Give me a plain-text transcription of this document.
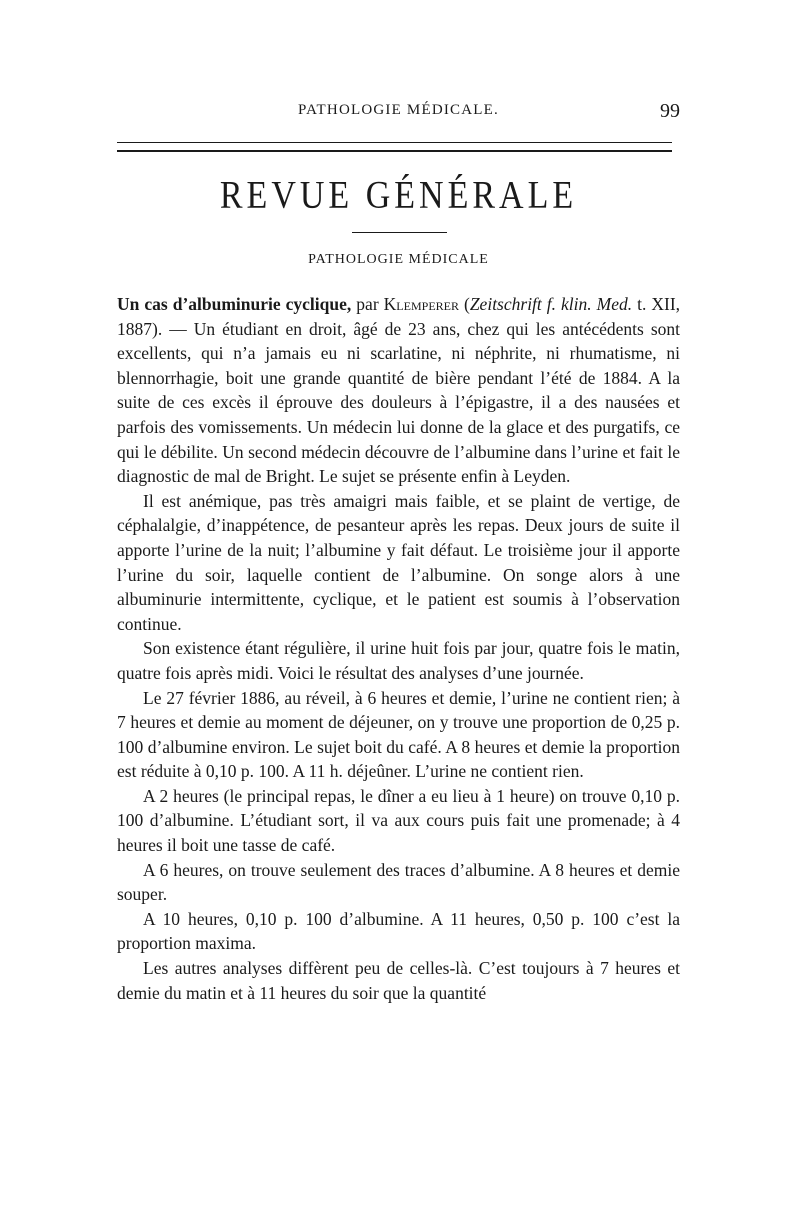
PATHOLOGIE MÉDICALE.	99
REVUE GÉNÉRALE
PATHOLOGIE MÉDICALE

Un cas d’albuminurie cyclique, par Klemperer (Zeitschrift f. klin. Med. t. XII, 1887). — Un étudiant en droit, âgé de 23 ans, chez qui les antécédents sont excellents, qui n’a jamais eu ni scarlatine, ni néphrite, ni rhumatisme, ni blennorrhagie, boit une grande quantité de bière pendant l’été de 1884. A la suite de ces excès il éprouve des douleurs à l’épigastre, il a des nausées et parfois des vomissements. Un médecin lui donne de la glace et des purgatifs, ce qui le débilite. Un second médecin découvre de l’albumine dans l’urine et fait le diagnostic de mal de Bright. Le sujet se présente enfin à Leyden.

Il est anémique, pas très amaigri mais faible, et se plaint de vertige, de céphalalgie, d’inappétence, de pesanteur après les repas. Deux jours de suite il apporte l’urine de la nuit; l’albumine y fait défaut. Le troisième jour il apporte l’urine du soir, laquelle contient de l’albumine. On songe alors à une albuminurie intermittente, cyclique, et le patient est soumis à l’observation continue.

Son existence étant régulière, il urine huit fois par jour, quatre fois le matin, quatre fois après midi. Voici le résultat des analyses d’une journée.

Le 27 février 1886, au réveil, à 6 heures et demie, l’urine ne contient rien; à 7 heures et demie au moment de déjeuner, on y trouve une proportion de 0,25 p. 100 d’albumine environ. Le sujet boit du café. A 8 heures et demie la proportion est réduite à 0,10 p. 100. A 11 h. déjeûner. L’urine ne contient rien.

A 2 heures (le principal repas, le dîner a eu lieu à 1 heure) on trouve 0,10 p. 100 d’albumine. L’étudiant sort, il va aux cours puis fait une promenade; à 4 heures il boit une tasse de café.

A 6 heures, on trouve seulement des traces d’albumine. A 8 heures et demie souper.

A 10 heures, 0,10 p. 100 d’albumine. A 11 heures, 0,50 p. 100 c’est la proportion maxima.

Les autres analyses diffèrent peu de celles-là. C’est toujours à 7 heures et demie du matin et à 11 heures du soir que la quantité
